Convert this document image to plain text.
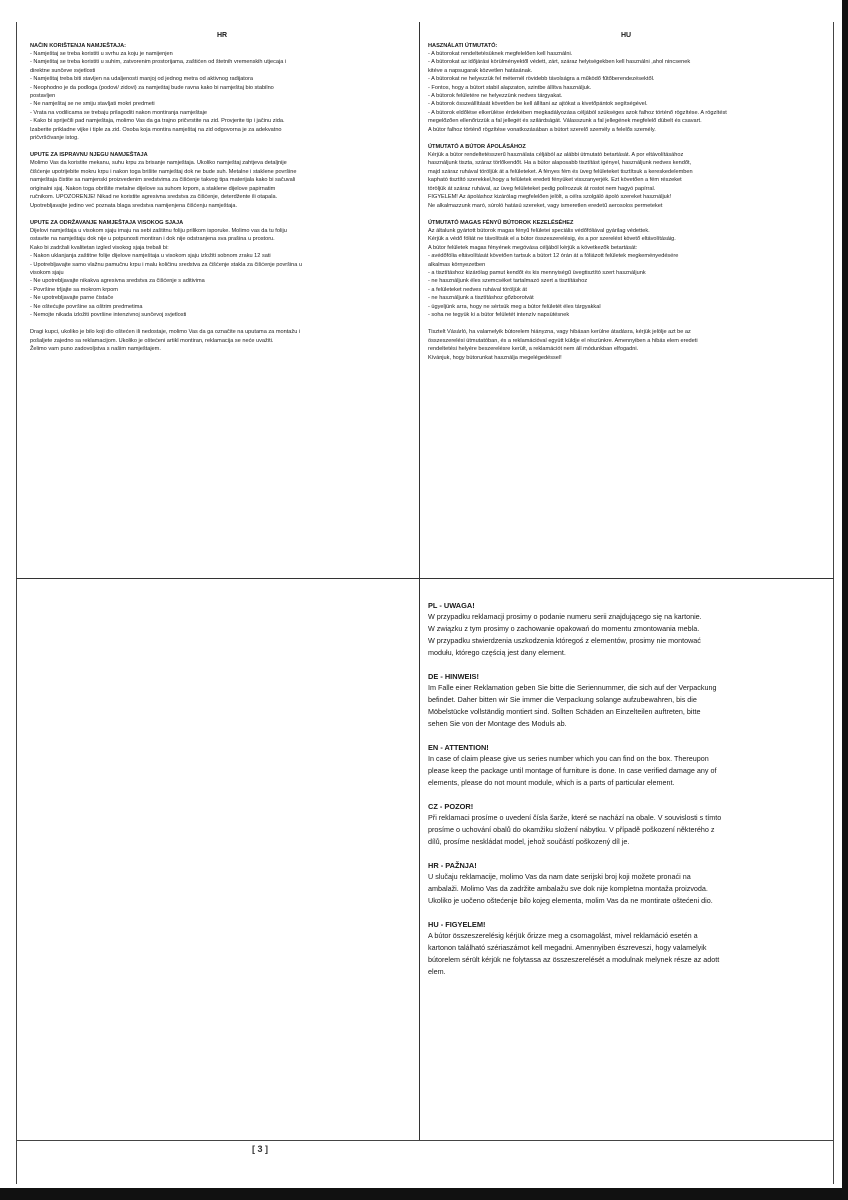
HR

NAČIN KORIŠTENJA NAMJEŠTAJA:

- Namještaj se treba koristiti u svrhu za koju je namijenjen

- Namještaj se treba koristiti u suhim, zatvorenim prostorijama, zaštićen od štetnih vremenskih utjecaja i

direktne sunčeve svjetlosti

- Namještaj treba biti stavljen na udaljenosti manjoj od jednog metra od aktivnog radijatora

- Neophodno je da podloga (podovi/ zidovi) za namještaj bude ravna kako bi namještaj bio stabilno

postavljen

- Ne namještaj se ne smiju stavljati mokri predmeti

- Vrata na vodilicama se trebaju prilagoditi nakon montiranja namještaje

- Kako bi spriječili pad namještaja, molimo Vas da ga trajno pričvrstite na zid. Provjerite tip i jačinu zida.

Izaberite prikladne vijke i tiple za zid. Osoba koja montira namještaj na zid odgovorna je za adekvatno

pričvršćivanje istog.

UPUTE ZA ISPRAVNU NJEGU NAMJEŠTAJA

Molimo Vas da koristite mekanu, suhu krpu za brisanje namještaja. Ukoliko namještaj zahtjeva detaljnije

čišćenje upotrijebite mokru krpu i nakon toga brišite namještaj dok ne bude suh. Metalne i staklene površine

namještaja čistite sa namjenski proizvedenim sredstvima za čišćenje takvog tipa materijala kako bi sačuvali

originalni sjaj. Nakon toga obrišite metalne dijelove sa suhom krpom, a staklene dijelove papirnatim

ručnikom. UPOZORENJE! Nikad ne koristite agresivna sredstva za čišćenje, deterdžente ili otapala.

Upotrebljavajte jedino već poznata blaga sredstva namijenjena čišćenju namještaja.

UPUTE ZA ODRŽAVANJE NAMJEŠTAJA VISOKOG SJAJA

Dijelovi namještaja u visokom sjaju imaju na sebi zaštitnu foliju prilikom isporuke. Molimo vas da tu foliju

ostavite na namještaju dok nije u potpunosti montiran i dok nije odstranjena sva prašina u prostoru.

Kako bi zadržali kvalitetan izgled visokog sjaja trebali bi:

- Nakon uklanjanja zaštitne folije dijelove namještaja u visokom sjaju izložiti sobnom zraku 12 sati

- Upotrebljavajte samo vlažnu pamučnu krpu i malu količinu sredstva za čišćenje stakla za čišćenje površina u

visokom sjaju

- Ne upotrebljavajte nikakva agresivna sredstva za čišćenje s aditivima

- Površine trljajte sa mokrom krpom

- Ne upotrebljavajte parne čistače

- Ne oštećujte površine sa oštrim predmetima

- Nemojte nikada izložiti površine intenzivnoj sunčevoj svjetlosti

Dragi kupci, ukoliko je bilo koji dio oštećen ili nedostaje, molimo Vas da ga označite na uputama za montažu i

pošaljete zajedno sa reklamacijom. Ukoliko je oštećeni artikl montiran, reklamacija se neće uvažiti.

Želimo vam puno zadovoljstva s našim namještajem.

HU

HASZNÁLATI ÚTMUTATÓ:

- A bútorokat rendeltetésüknek megfelelően kell használni.

- A bútorokat az időjárási körülményektől védett, zárt, száraz helyiségekben kell használni ,ahol nincsenek

kitéve a napsugarak közvetlen hatásának.

- A bútorokat ne helyezzük fel méternél rövidebb távolságra a működő fűtőberendezésektől.

- Fontos, hogy a bútort stabil alapzaton, szintbe állítva használjuk.

- A bútorok felületére ne helyezzünk nedves tárgyakat.

- A bútorok összeállítását követően be kell állítani az ajtókat a kivetőpántok segítségével.

- A bútorok eldőlése elkerülése érdekében megkadályozása céljából szükséges azok falhoz történő rögzítése. A rögzítést

megelőzően ellenőrizzük a fal jellegét és szilárdságát. Válasszunk a fal jellegének megfelelő dübelt és csavart.

A bútor falhoz történő rögzítése vonatkozásában a bútort szerelő személy a felelős személy.

ÚTMUTATÓ A BÚTOR ÁPOLÁSÁHOZ

Kérjük a bútor rendeltetésszerű használata céljából az alábbi útmutató betartását. A por eltávolításához

használjunk tiszta, száraz törlőkendőt. Ha a bútor alaposabb tisztítást igényel, használjunk nedves kendőt,

majd száraz ruhával töröljük át a felületeket. A fényes fém és üveg felületeket tisztítsuk a kereskedelemben

kapható tisztító szerekkel,hogy a felületek eredeti fényüket visszanyerjék. Ezt követően a fém részeket

töröljük át száraz ruhával, az üveg felületeket pedig polírozzuk át rostot nem hagyó papírral.

FIGYELEM! Az ápoláshoz kizárólag megfelelően jelölt, a célra szolgáló ápoló szereket használjuk!

Ne alkalmazzunk maró, súroló hatású szereket, vagy ismeretlen eredetű aerosolos permeteket

ÚTMUTATÓ MAGAS FÉNYŰ BÚTOROK KEZELÉSÉHEZ

Az általunk gyártott bútorok magas fényű felületei speciális védőfóliával gyárilag védettek.

Kérjük a védő fóliát ne távolítsák el a bútor összeszerelésig, és a por szerelést követő eltávolításáig.

A bútor felületek magas fényének megóvása céljából kérjük a következők betartását:

- avédőfólia eltávolítását követően tartsuk a bútort 12 órán át a fóliázott felületek megkeményedésére

alkalmas környezetben

- a tisztításhoz kizárólag pamut kendőt és kis mennyiségű üvegtisztító szert használjunk

- ne használjunk éles szemcséket tartalmazó szert a tisztításhoz

- a felületeket nedves ruhával töröljük át

- ne használjunk a tisztításhoz gőzborotvát

- ügyeljünk arra, hogy ne sértsük meg a bútor felületét éles tárgyakkal

- soha ne tegyük ki a bútor felületét intenzív napsütésnek

Tisztelt Vásárló, ha valamelyik bútorelem hiányzna, vagy hibásan kerülne átadásra, kérjük jelölje azt be az

összeszerelési útmutatóban, és a reklamációval együtt küldje el részünkre. Amennyiben a hibás elem eredeti

rendeltetési helyére beszerelésre került, a reklamációt nem áll módunkban elfogadni.

Kívánjuk, hogy bútorunkat használja megelégedéssel!

PL - UWAGA!

W przypadku reklamacji prosimy o podanie numeru serii znajdującego się na kartonie.

W związku z tym prosimy o zachowanie opakowań do momentu zmontowania mebla.

W przypadku stwierdzenia uszkodzenia któregoś z elementów, prosimy nie montować

modułu, którego częścią jest dany element.

DE - HINWEIS!

Im Falle einer Reklamation geben Sie bitte die Seriennummer, die sich auf der Verpackung

befindet. Daher bitten wir Sie immer die Verpackung solange aufzubewahren, bis die

Möbelstücke vollständig montiert sind. Sollten Schäden an Einzelteilen auftreten, bitte

sehen Sie von der Montage des Moduls ab.

EN - ATTENTION!

In case of claim please give us series number which you can find on the box. Thereupon

please keep the package until montage of furniture is done. In case verified damage any of

elements, please do not mount module, which is a parts of particular element.

CZ - POZOR!

Při reklamaci prosíme o uvedení čísla šarže, které se nachází na obale. V souvislosti s tímto

prosíme o uchování obalů do okamžiku složení nábytku. V případě poškození některého z

dílů, prosíme neskládat model, jehož součástí poškozený díl je.

HR - PAŽNJA!

U slučaju reklamacije, molimo Vas da nam date serijski broj koji možete pronaći na

ambalaži. Molimo Vas da zadržite ambalažu sve dok nije kompletna montaža proizvoda.

Ukoliko je uočeno oštećenje bilo kojeg elementa, molim Vas da ne montirate oštećeni dio.

HU - FIGYELEM!

A bútor összeszerelésig kérjük őrizze meg a csomagolást, mivel reklamáció esetén a

kartonon található szériaszámot kell megadni. Amennyiben észreveszi, hogy valamelyik

bútorelem sérült kérjük ne folytassa az összeszerelését a modulnak melynek része az adott

elem.

[ 3 ]
